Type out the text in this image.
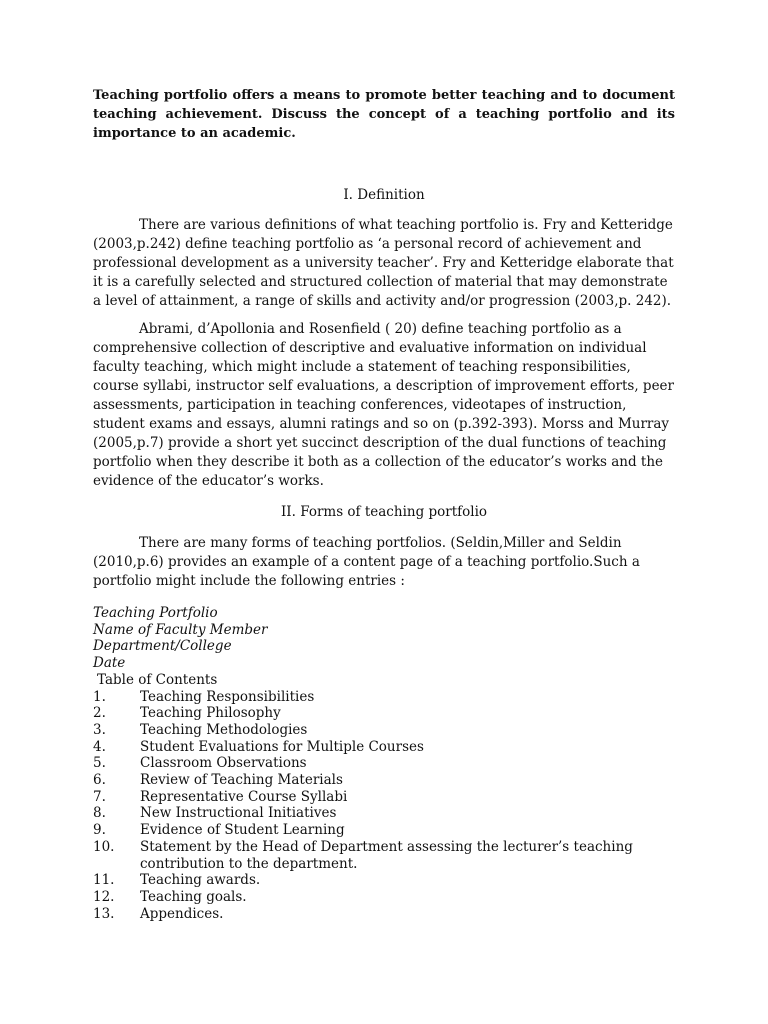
Teaching portfolio offers a means to promote better teaching and to document teaching achievement. Discuss the concept of a teaching portfolio and its importance to an academic.

I. Definition

There are various definitions of what teaching portfolio is. Fry and Ketteridge (2003,p.242) define teaching portfolio as ‘a personal record of achievement and professional development as a university teacher’. Fry and Ketteridge elaborate that it is a carefully selected and structured collection of material that may demonstrate a level of attainment, a range of skills and activity and/or progression (2003,p. 242).

Abrami, d’Apollonia and Rosenfield ( 20) define teaching portfolio as a comprehensive collection of descriptive and evaluative information on individual faculty teaching, which might include a statement of teaching responsibilities, course syllabi, instructor self evaluations, a description of improvement efforts, peer assessments, participation in teaching conferences, videotapes of instruction, student exams and essays, alumni ratings and so on (p.392-393). Morss and Murray (2005,p.7) provide a short yet succinct description of the dual functions of teaching portfolio when they describe it both as a collection of the educator’s works and the evidence of the educator’s works.

II. Forms of teaching portfolio

There are many forms of teaching portfolios. (Seldin,Miller and Seldin (2010,p.6) provides an example of a content page of a teaching portfolio.Such a portfolio might include the following entries :

Teaching Portfolio

Name of Faculty Member

Department/College

Date

Table of Contents

1.	Teaching Responsibilities
2.	Teaching Philosophy
3.	Teaching Methodologies
4.	Student Evaluations for Multiple Courses
5.	Classroom Observations
6.	Review of Teaching Materials
7.	Representative Course Syllabi
8.	New Instructional Initiatives
9.	Evidence of Student Learning
10.	Statement by the Head of Department assessing the lecturer’s teaching contribution to the department.
11.	Teaching awards.
12.	Teaching goals.
13.	Appendices.
